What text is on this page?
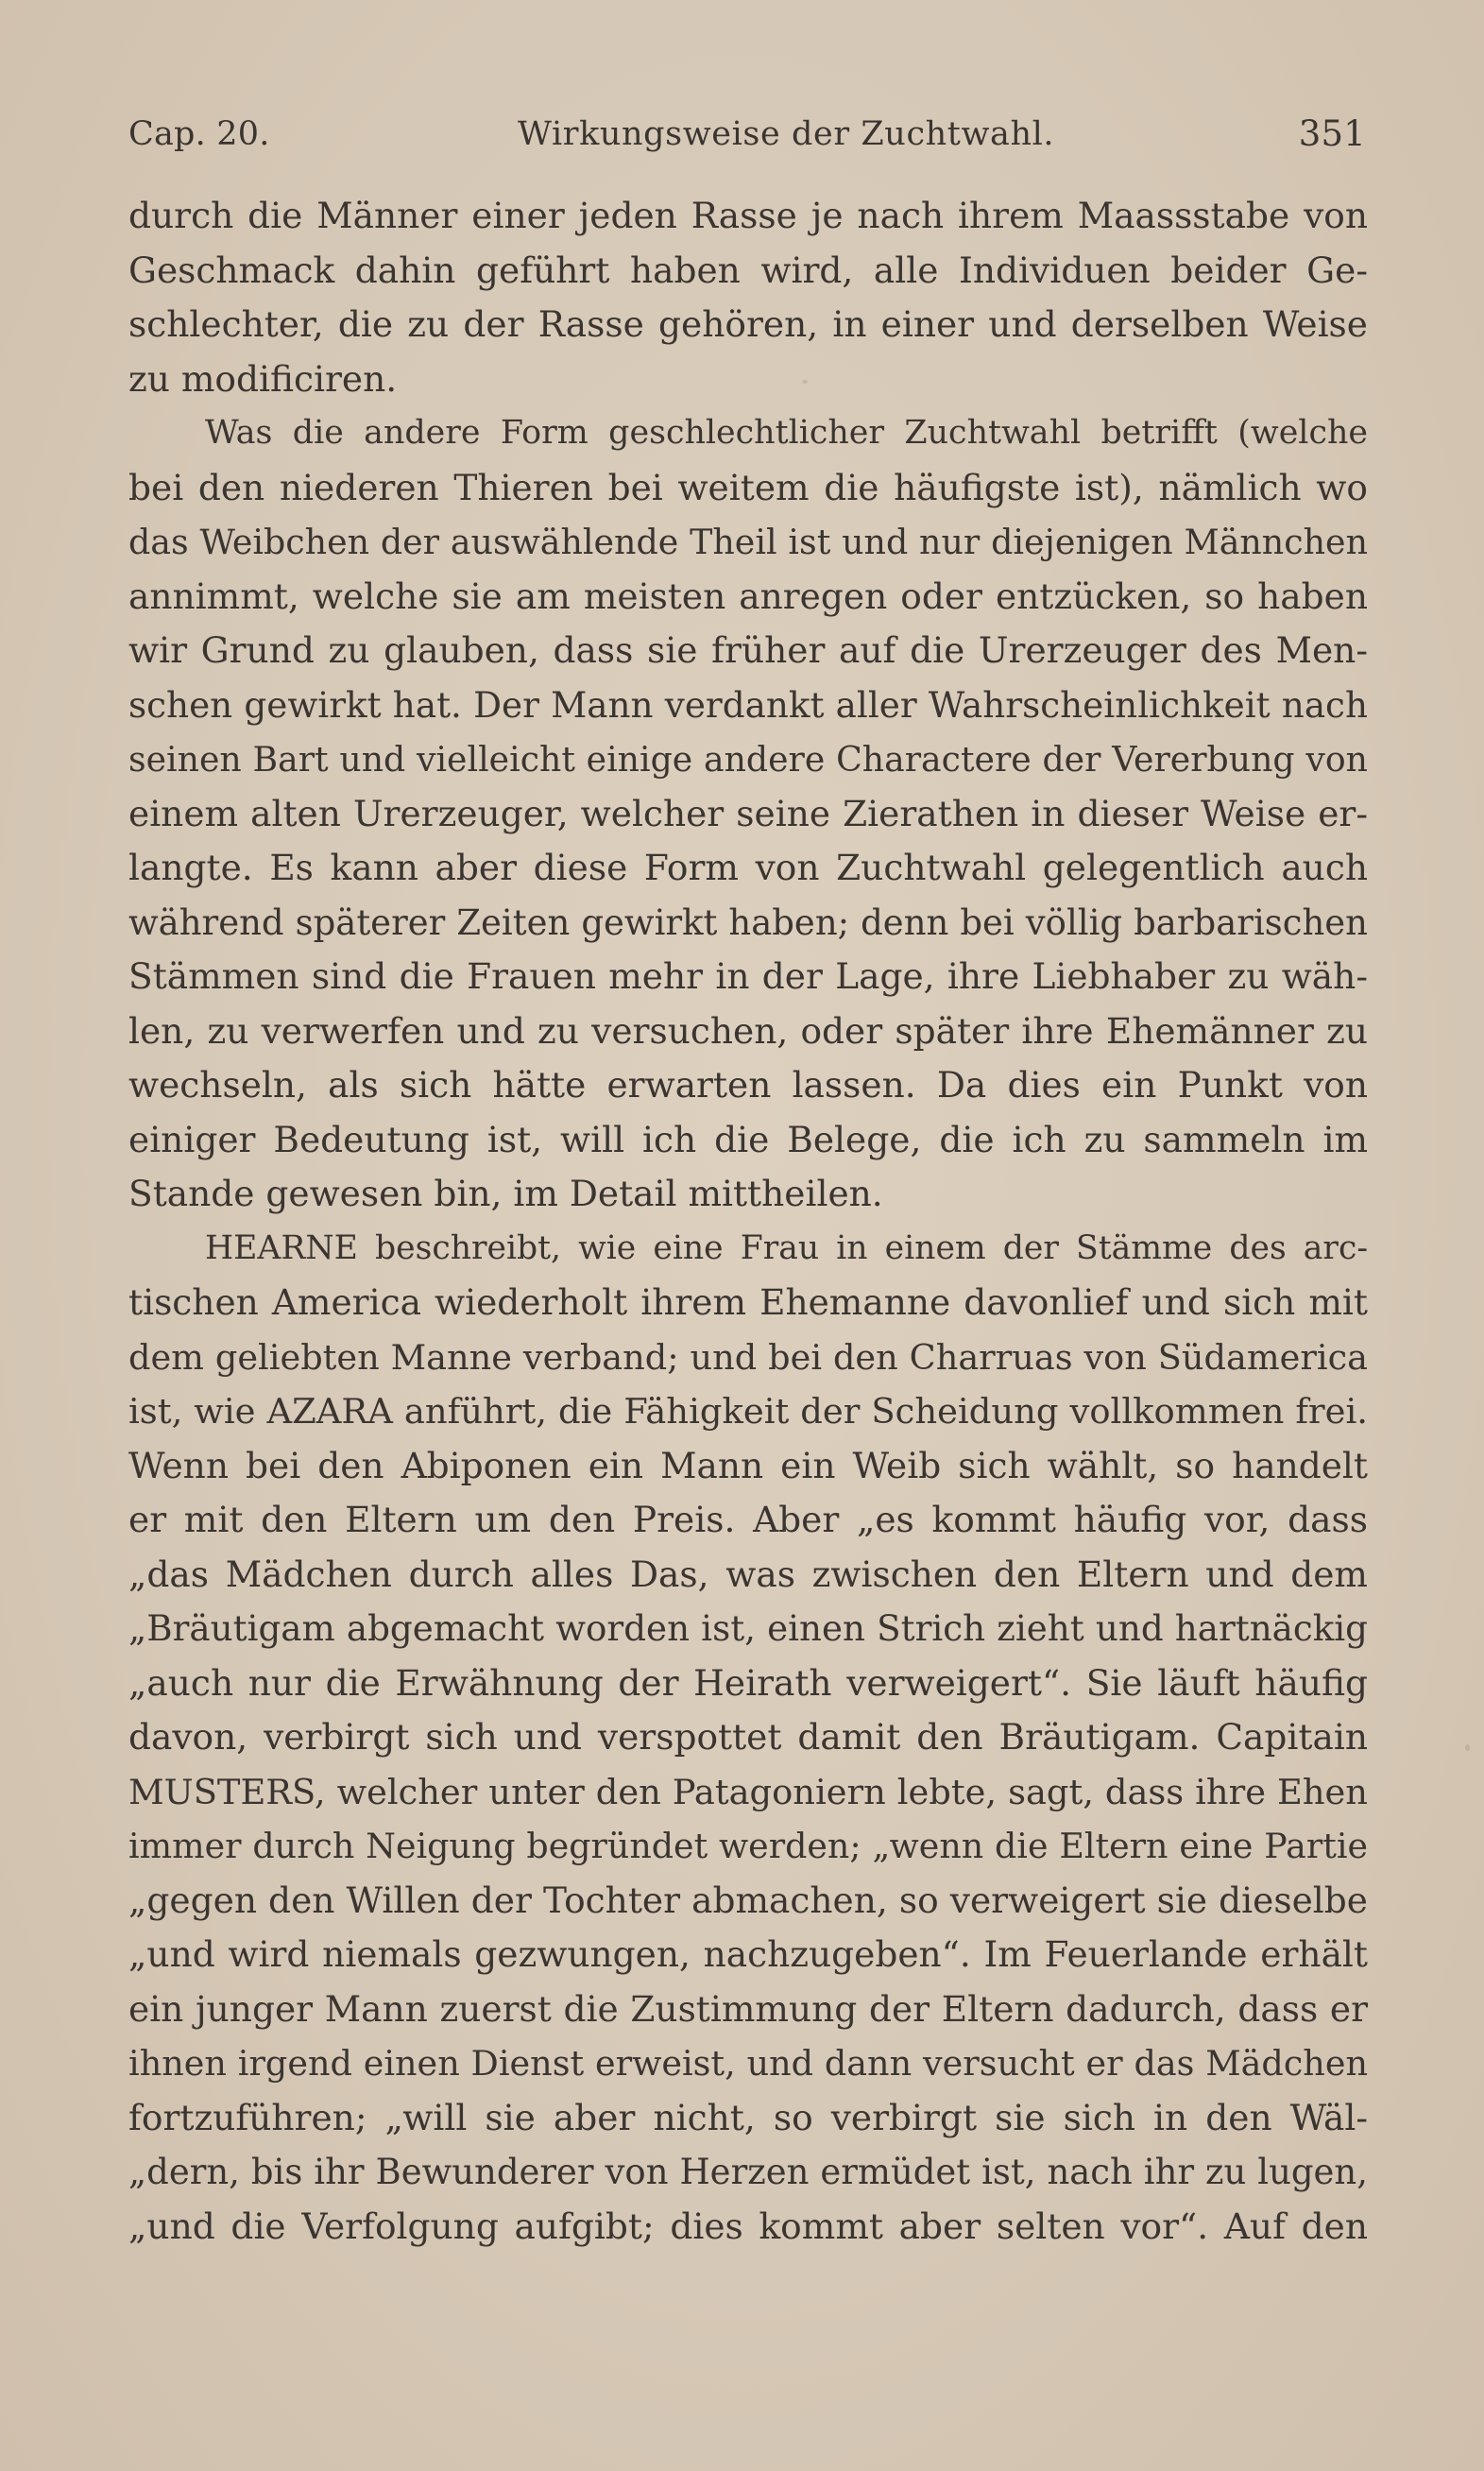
Cap. 20.	Wirkungsweise der Zuchtwahl.	351
durch die Männer einer jeden Rasse je nach ihrem Maassstabe von
Geschmack dahin geführt haben wird, alle Individuen beider Ge-
schlechter, die zu der Rasse gehören, in einer und derselben Weise
zu modificiren.
Was die andere Form geschlechtlicher Zuchtwahl betrifft (welche
bei den niederen Thieren bei weitem die häufigste ist), nämlich wo
das Weibchen der auswählende Theil ist und nur diejenigen Männchen
annimmt, welche sie am meisten anregen oder entzücken, so haben
wir Grund zu glauben, dass sie früher auf die Urerzeuger des Men-
schen gewirkt hat. Der Mann verdankt aller Wahrscheinlichkeit nach
seinen Bart und vielleicht einige andere Charactere der Vererbung von
einem alten Urerzeuger, welcher seine Zierathen in dieser Weise er-
langte. Es kann aber diese Form von Zuchtwahl gelegentlich auch
während späterer Zeiten gewirkt haben; denn bei völlig barbarischen
Stämmen sind die Frauen mehr in der Lage, ihre Liebhaber zu wäh-
len, zu verwerfen und zu versuchen, oder später ihre Ehemänner zu
wechseln, als sich hätte erwarten lassen. Da dies ein Punkt von
einiger Bedeutung ist, will ich die Belege, die ich zu sammeln im
Stande gewesen bin, im Detail mittheilen.
HEARNE beschreibt, wie eine Frau in einem der Stämme des arc-
tischen America wiederholt ihrem Ehemanne davonlief und sich mit
dem geliebten Manne verband; und bei den Charruas von Südamerica
ist, wie AZARA anführt, die Fähigkeit der Scheidung vollkommen frei.
Wenn bei den Abiponen ein Mann ein Weib sich wählt, so handelt
er mit den Eltern um den Preis. Aber „es kommt häufig vor, dass
„das Mädchen durch alles Das, was zwischen den Eltern und dem
„Bräutigam abgemacht worden ist, einen Strich zieht und hartnäckig
„auch nur die Erwähnung der Heirath verweigert“. Sie läuft häufig
davon, verbirgt sich und verspottet damit den Bräutigam. Capitain
MUSTERS, welcher unter den Patagoniern lebte, sagt, dass ihre Ehen
immer durch Neigung begründet werden; „wenn die Eltern eine Partie
„gegen den Willen der Tochter abmachen, so verweigert sie dieselbe
„und wird niemals gezwungen, nachzugeben“. Im Feuerlande erhält
ein junger Mann zuerst die Zustimmung der Eltern dadurch, dass er
ihnen irgend einen Dienst erweist, und dann versucht er das Mädchen
fortzuführen; „will sie aber nicht, so verbirgt sie sich in den Wäl-
„dern, bis ihr Bewunderer von Herzen ermüdet ist, nach ihr zu lugen,
„und die Verfolgung aufgibt; dies kommt aber selten vor“. Auf den
